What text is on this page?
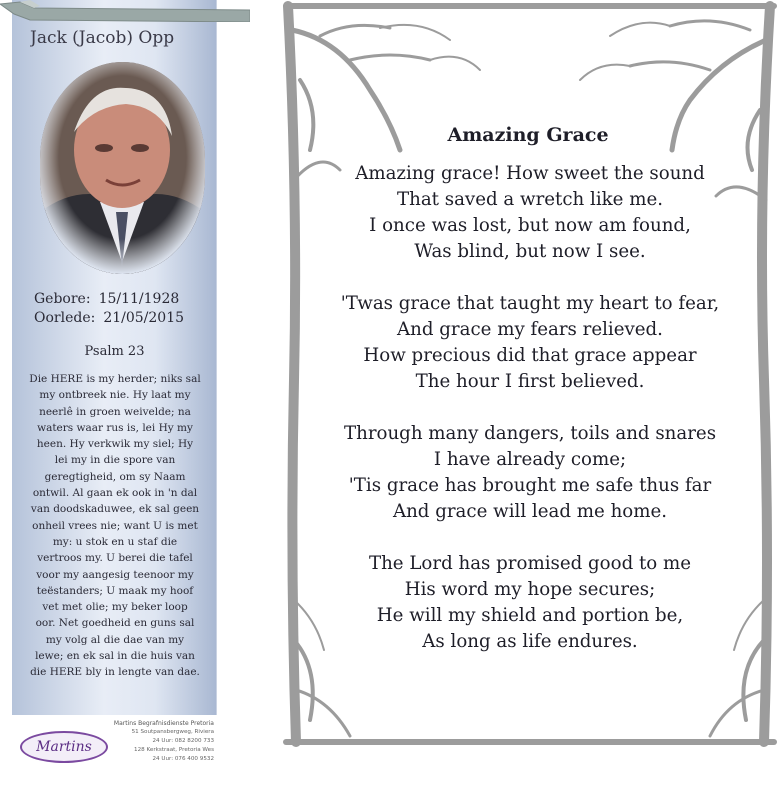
Jack (Jacob) Opp
Gebore: 15/11/1928
Oorlede: 21/05/2015
Psalm 23
Die HERE is my herder; niks sal
my ontbreek nie. Hy laat my
neerlê in groen weivelde; na
waters waar rus is, lei Hy my
heen. Hy verkwik my siel; Hy
lei my in die spore van
geregtigheid, om sy Naam
ontwil. Al gaan ek ook in 'n dal
van doodskaduwee, ek sal geen
onheil vrees nie; want U is met
my: u stok en u staf die
vertroos my. U berei die tafel
voor my aangesig teenoor my
teëstanders; U maak my hoof
vet met olie; my beker loop
oor. Net goedheid en guns sal
my volg al die dae van my
lewe; en ek sal in die huis van
die HERE bly in lengte van dae.
Martins
Martins Begrafnisdienste Pretoria
51 Soutpansbergweg, Riviera
24 Uur: 082 8200 733
128 Kerkstraat, Pretoria Wes
24 Uur: 076 400 9532
Amazing Grace
Amazing grace! How sweet the sound
That saved a wretch like me.
I once was lost, but now am found,
Was blind, but now I see.
'Twas grace that taught my heart to fear,
And grace my fears relieved.
How precious did that grace appear
The hour I first believed.
Through many dangers, toils and snares
I have already come;
'Tis grace has brought me safe thus far
And grace will lead me home.
The Lord has promised good to me
His word my hope secures;
He will my shield and portion be,
As long as life endures.
